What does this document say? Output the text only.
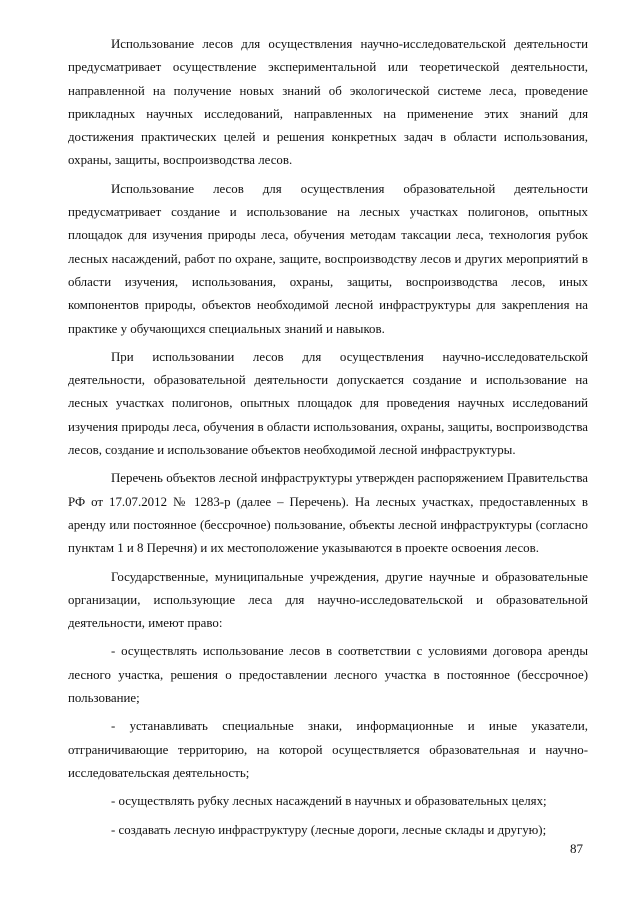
Использование лесов для осуществления научно-исследовательской деятельности предусматривает осуществление экспериментальной или теоретической деятельности, направленной на получение новых знаний об экологической системе леса, проведение прикладных научных исследований, направленных на применение этих знаний для достижения практических целей и решения конкретных задач в области использования, охраны, защиты, воспроизводства лесов.

Использование лесов для осуществления образовательной деятельности предусматривает создание и использование на лесных участках полигонов, опытных площадок для изучения природы леса, обучения методам таксации леса, технология рубок лесных насаждений, работ по охране, защите, воспроизводству лесов и других мероприятий в области изучения, использования, охраны, защиты, воспроизводства лесов, иных компонентов природы, объектов необходимой лесной инфраструктуры для закрепления на практике у обучающихся специальных знаний и навыков.

При использовании лесов для осуществления научно-исследовательской деятельности, образовательной деятельности допускается создание и использование на лесных участках полигонов, опытных площадок для проведения научных исследований изучения природы леса, обучения в области использования, охраны, защиты, воспроизводства лесов, создание и использование объектов необходимой лесной инфраструктуры.

Перечень объектов лесной инфраструктуры утвержден распоряжением Правительства РФ от 17.07.2012 № 1283-р (далее – Перечень). На лесных участках, предоставленных в аренду или постоянное (бессрочное) пользование, объекты лесной инфраструктуры (согласно пунктам 1 и 8 Перечня) и их местоположение указываются в проекте освоения лесов.

Государственные, муниципальные учреждения, другие научные и образовательные организации, использующие леса для научно-исследовательской и образовательной деятельности, имеют право:

- осуществлять использование лесов в соответствии с условиями договора аренды лесного участка, решения о предоставлении лесного участка в постоянное (бессрочное) пользование;

- устанавливать специальные знаки, информационные и иные указатели, отграничивающие территорию, на которой осуществляется образовательная и научно-исследовательская деятельность;

- осуществлять рубку лесных насаждений в научных и образовательных целях;

- создавать лесную инфраструктуру (лесные дороги, лесные склады и другую);

87
